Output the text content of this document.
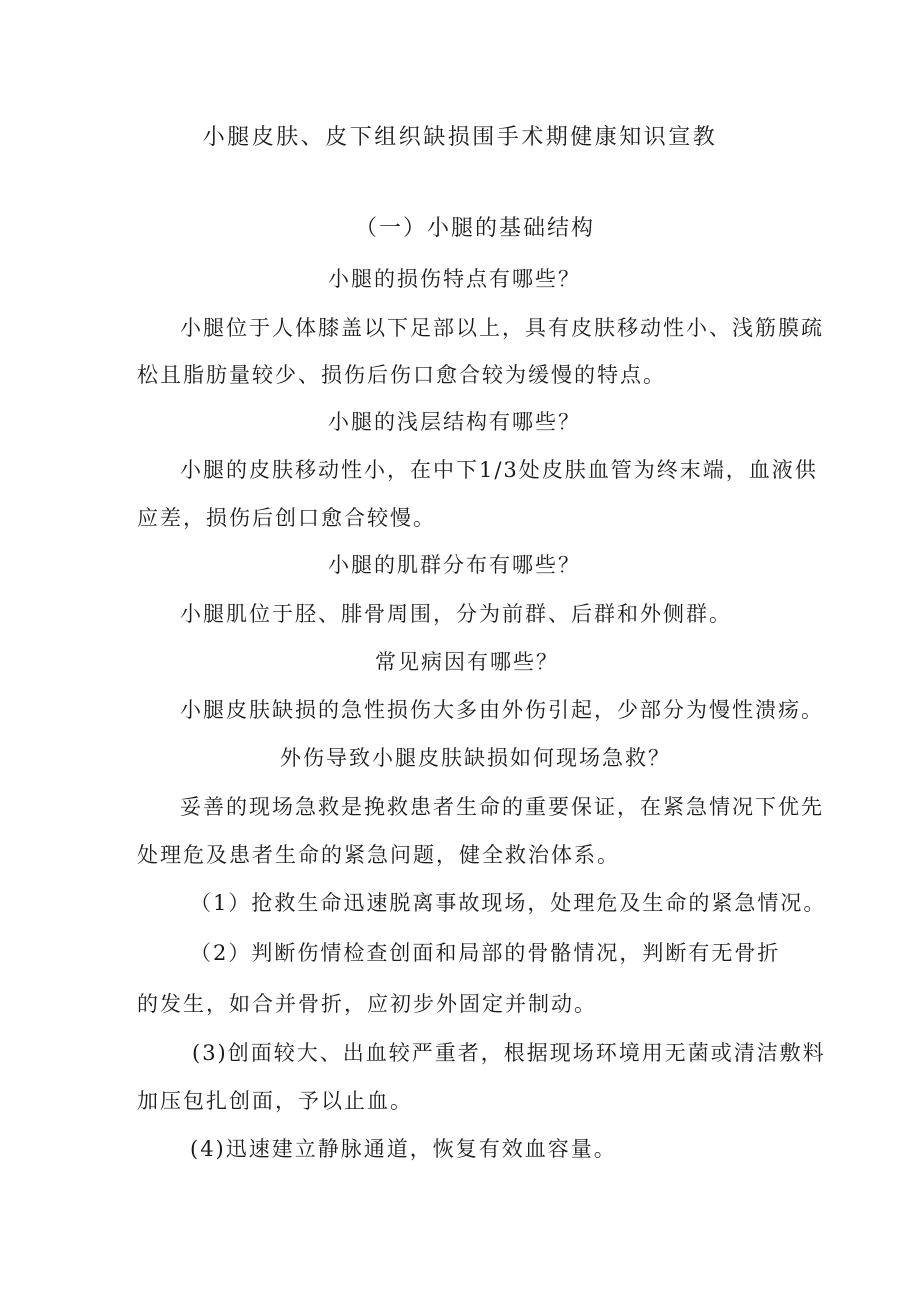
小腿皮肤、皮下组织缺损围手术期健康知识宣教
（一）小腿的基础结构
小腿的损伤特点有哪些？
小腿位于人体膝盖以下足部以上，具有皮肤移动性小、浅筋膜疏
松且脂肪量较少、损伤后伤口愈合较为缓慢的特点。
小腿的浅层结构有哪些？
小腿的皮肤移动性小，在中下1/3处皮肤血管为终末端，血液供
应差，损伤后创口愈合较慢。
小腿的肌群分布有哪些？
小腿肌位于胫、腓骨周围，分为前群、后群和外侧群。
常见病因有哪些？
小腿皮肤缺损的急性损伤大多由外伤引起，少部分为慢性溃疡。
外伤导致小腿皮肤缺损如何现场急救？
妥善的现场急救是挽救患者生命的重要保证，在紧急情况下优先
处理危及患者生命的紧急问题，健全救治体系。
（1）抢救生命迅速脱离事故现场，处理危及生命的紧急情况。
（2）判断伤情检查创面和局部的骨骼情况，判断有无骨折
的发生，如合并骨折，应初步外固定并制动。
(3)创面较大、出血较严重者，根据现场环境用无菌或清洁敷料
加压包扎创面，予以止血。
(4)迅速建立静脉通道，恢复有效血容量。
